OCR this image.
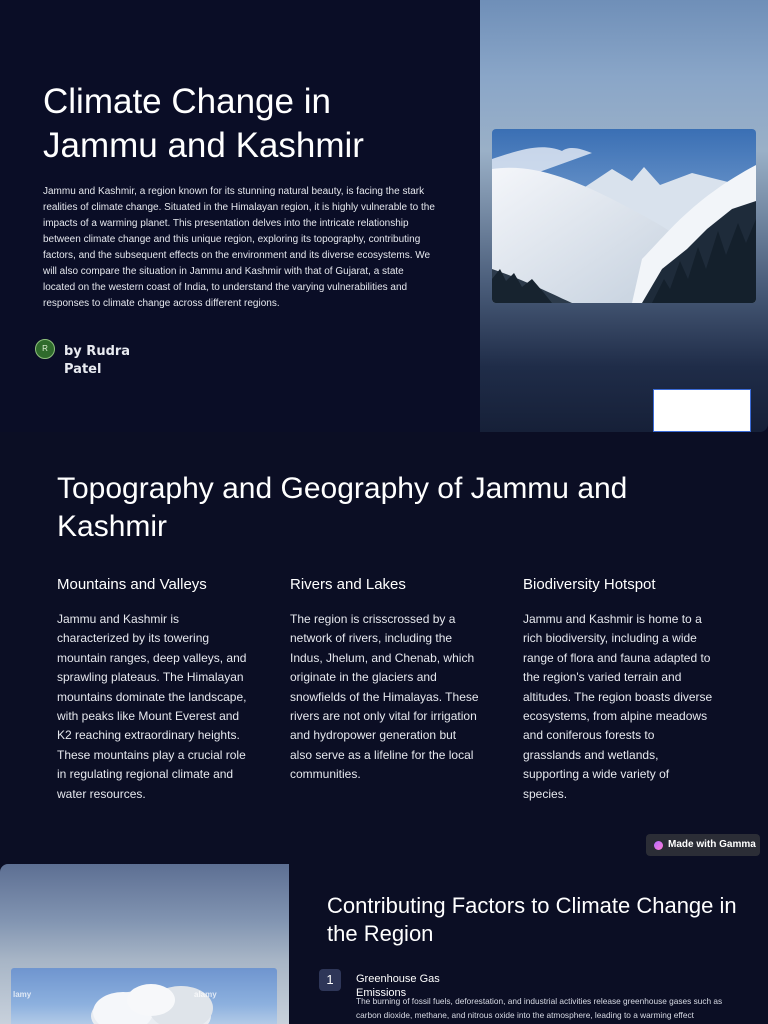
Climate Change in Jammu and Kashmir

Jammu and Kashmir, a region known for its stunning natural beauty, is facing the stark realities of climate change. Situated in the Himalayan region, it is highly vulnerable to the impacts of a warming planet. This presentation delves into the intricate relationship between climate change and this unique region, exploring its topography, contributing factors, and the subsequent effects on the environment and its diverse ecosystems. We will also compare the situation in Jammu and Kashmir with that of Gujarat, a state located on the western coast of India, to understand the varying vulnerabilities and responses to climate change across different regions.

R	by Rudra Patel

Topography and Geography of Jammu and Kashmir
Mountains and Valleys

Jammu and Kashmir is characterized by its towering mountain ranges, deep valleys, and sprawling plateaus. The Himalayan mountains dominate the landscape, with peaks like Mount Everest and K2 reaching extraordinary heights. These mountains play a crucial role in regulating regional climate and water resources.

Rivers and Lakes

The region is crisscrossed by a network of rivers, including the Indus, Jhelum, and Chenab, which originate in the glaciers and snowfields of the Himalayas. These rivers are not only vital for irrigation and hydropower generation but also serve as a lifeline for the local communities.

Biodiversity Hotspot

Jammu and Kashmir is home to a rich biodiversity, including a wide range of flora and fauna adapted to the region's varied terrain and altitudes. The region boasts diverse ecosystems, from alpine meadows and coniferous forests to grasslands and wetlands, supporting a wide variety of species.

Made with Gamma
lamy	alamy
Contributing Factors to Climate Change in the Region
1	Greenhouse Gas Emissions

The burning of fossil fuels, deforestation, and industrial activities release greenhouse gases such as carbon dioxide, methane, and nitrous oxide into the atmosphere, leading to a warming effect
